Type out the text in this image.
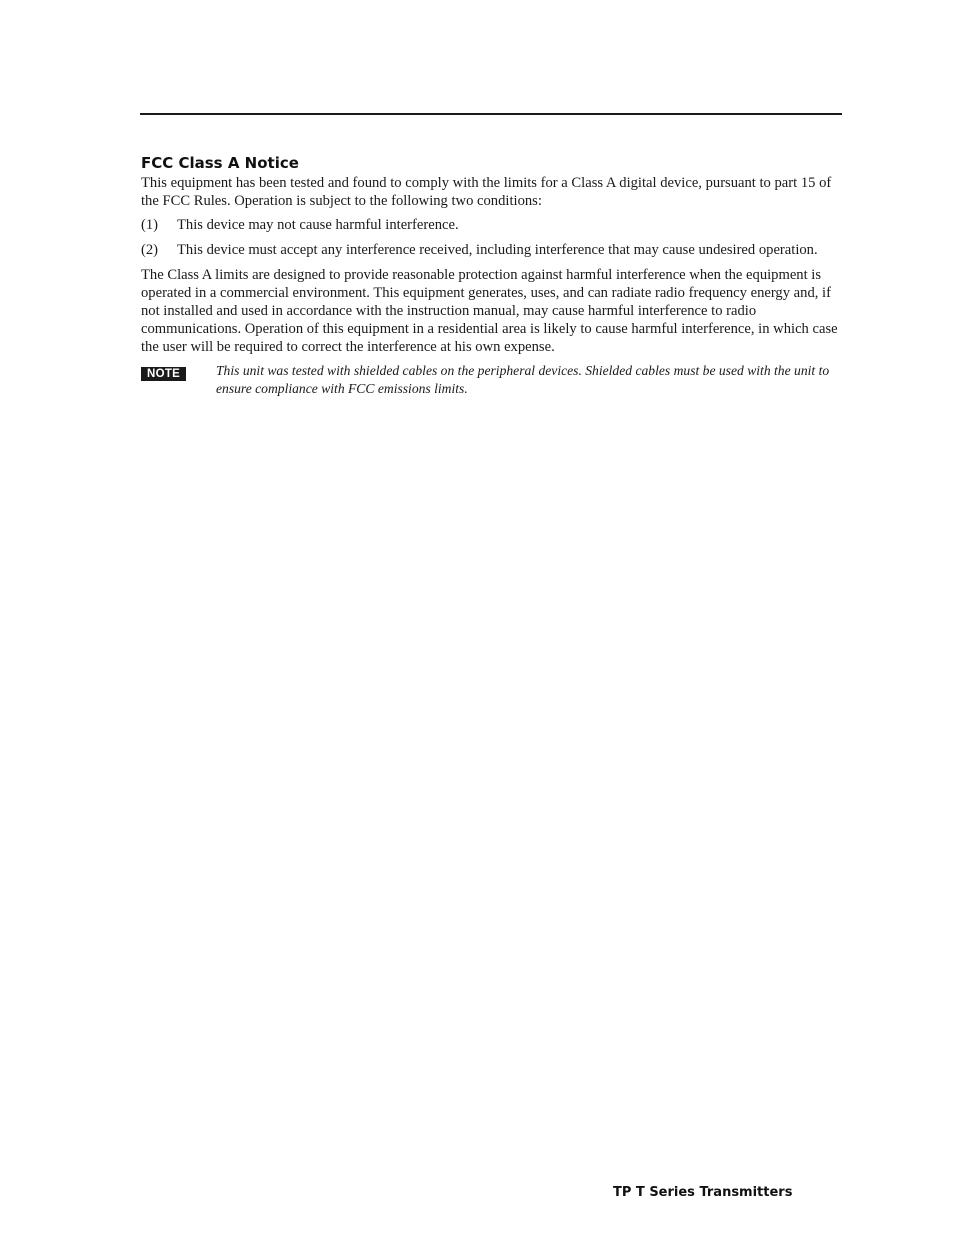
FCC Class A Notice

This equipment has been tested and found to comply with the limits for a Class A digital device, pursuant to part 15 of the FCC Rules. Operation is subject to the following two conditions:

(1)	This device may not cause harmful interference.
(2)	This device must accept any interference received, including interference that may cause undesired operation.

The Class A limits are designed to provide reasonable protection against harmful interference when the equipment is operated in a commercial environment. This equipment generates, uses, and can radiate radio frequency energy and, if not installed and used in accordance with the instruction manual, may cause harmful interference to radio communications. Operation of this equipment in a residential area is likely to cause harmful interference, in which case the user will be required to correct the interference at his own expense.

NOTE	This unit was tested with shielded cables on the peripheral devices. Shielded cables must be used with the unit to ensure compliance with FCC emissions limits.
TP T Series Transmitters
